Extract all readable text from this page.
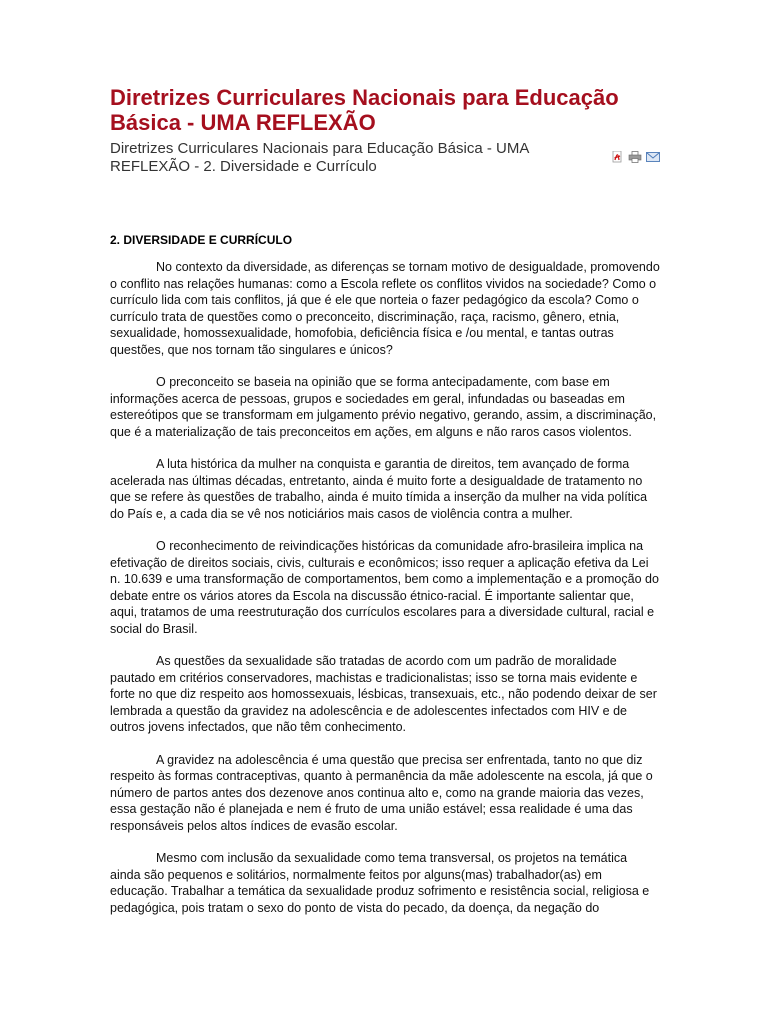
Diretrizes Curriculares Nacionais para Educação Básica - UMA REFLEXÃO

Diretrizes Curriculares Nacionais para Educação Básica - UMA REFLEXÃO - 2. Diversidade e Currículo

2. DIVERSIDADE E CURRÍCULO

No contexto da diversidade, as diferenças se tornam motivo de desigualdade, promovendo o conflito nas relações humanas: como a Escola reflete os conflitos vividos na sociedade? Como o currículo lida com tais conflitos, já que é ele que norteia o fazer pedagógico da escola? Como o currículo trata de questões como o preconceito, discriminação, raça, racismo, gênero, etnia, sexualidade, homossexualidade, homofobia, deficiência física e /ou mental, e tantas outras questões, que nos tornam tão singulares e únicos?

O preconceito se baseia na opinião que se forma antecipadamente, com base em informações acerca de pessoas, grupos e sociedades em geral, infundadas ou baseadas em estereótipos que se transformam em julgamento prévio negativo, gerando, assim, a discriminação, que é a materialização de tais preconceitos em ações, em alguns e não raros casos violentos.

A luta histórica da mulher na conquista e garantia de direitos, tem avançado de forma acelerada nas últimas décadas, entretanto, ainda é muito forte a desigualdade de tratamento no que se refere às questões de trabalho, ainda é muito tímida a inserção da mulher na vida política do País e, a cada dia se vê nos noticiários mais casos de violência contra a mulher.

O reconhecimento de reivindicações históricas da comunidade afro-brasileira implica na efetivação de direitos sociais, civis, culturais e econômicos; isso requer a aplicação efetiva da Lei n. 10.639 e uma transformação de comportamentos, bem como a implementação e a promoção do debate entre os vários atores da Escola na discussão étnico-racial. É importante salientar que, aqui, tratamos de uma reestruturação dos currículos escolares para a diversidade cultural, racial e social do Brasil.

As questões da sexualidade são tratadas de acordo com um padrão de moralidade pautado em critérios conservadores, machistas e tradicionalistas; isso se torna mais evidente e forte no que diz respeito aos homossexuais, lésbicas, transexuais, etc., não podendo deixar de ser lembrada a questão da gravidez na adolescência e de adolescentes infectados com HIV e de outros jovens infectados, que não têm conhecimento.

A gravidez na adolescência é uma questão que precisa ser enfrentada, tanto no que diz respeito às formas contraceptivas, quanto à permanência da mãe adolescente na escola, já que o número de partos antes dos dezenove anos continua alto e, como na grande maioria das vezes, essa gestação não é planejada e nem é fruto de uma união estável; essa realidade é uma das responsáveis pelos altos índices de evasão escolar.

Mesmo com inclusão da sexualidade como tema transversal, os projetos na temática ainda são pequenos e solitários, normalmente feitos por alguns(mas) trabalhador(as) em educação. Trabalhar a temática da sexualidade produz sofrimento e resistência social, religiosa e pedagógica, pois tratam o sexo do ponto de vista do pecado, da doença, da negação do
